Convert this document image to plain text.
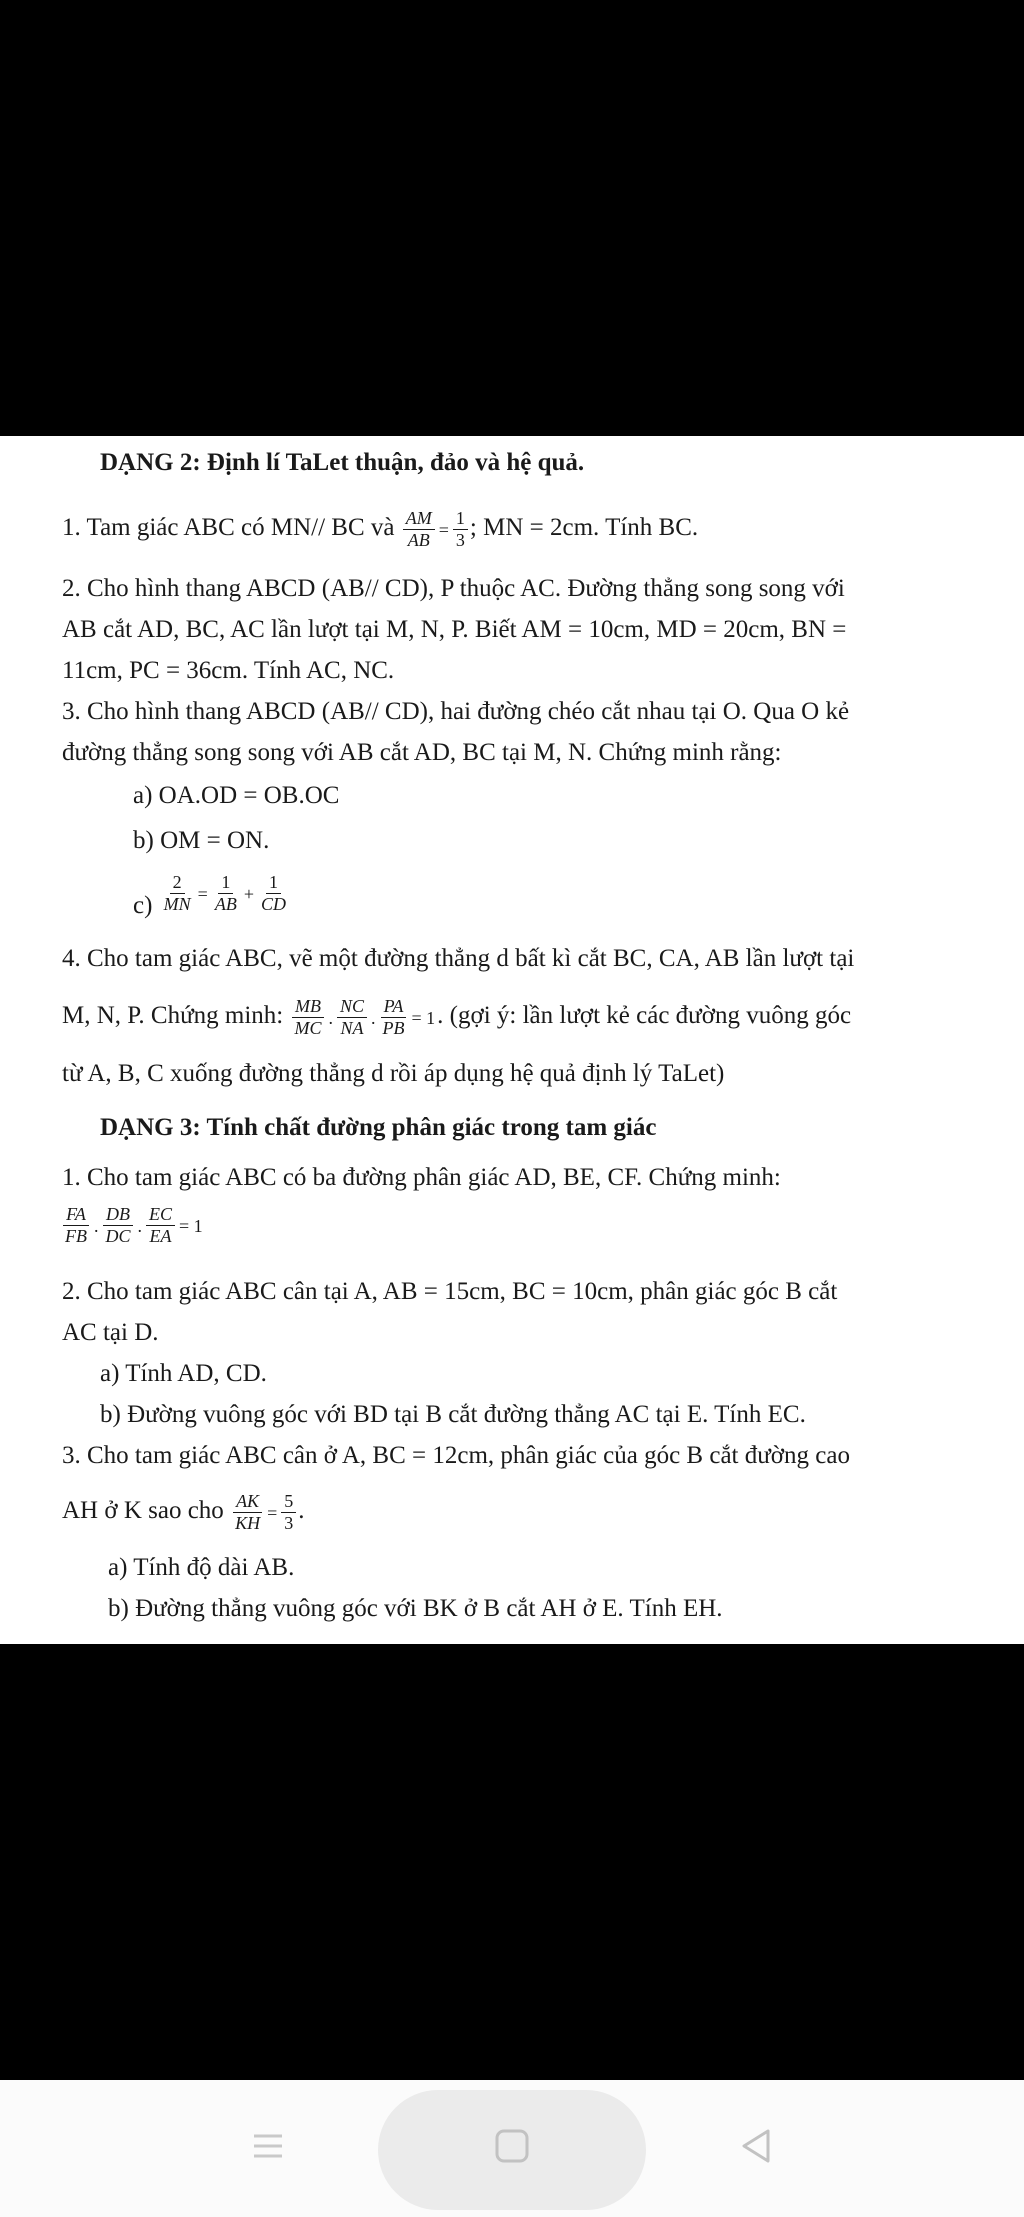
DẠNG 2: Định lí TaLet thuận, đảo và hệ quả.
1. Tam giác ABC có MN// BC và $\frac{AM}{AB} = \frac{1}{3}$ ; MN = 2cm. Tính BC.
2. Cho hình thang ABCD (AB// CD), P thuộc AC. Đường thẳng song song với
AB cắt AD, BC, AC lần lượt tại M, N, P. Biết AM = 10cm, MD = 20cm, BN =
11cm, PC = 36cm. Tính AC, NC.
3. Cho hình thang ABCD (AB// CD), hai đường chéo cắt nhau tại O. Qua O kẻ
đường thẳng song song với AB cắt AD, BC tại M, N. Chứng minh rằng:
a) OA.OD = OB.OC
b) OM = ON.
$c) \frac{2}{MN} = \frac{1}{AB} + \frac{1}{CD}$
4. Cho tam giác ABC, vẽ một đường thẳng d bất kì cắt BC, CA, AB lần lượt tại
M, N, P. Chứng minh: $\frac{MB}{MC}$ . $\frac{NC}{NA}$ . $\frac{PA}{PB} = 1$. (gợi ý: lần lượt kẻ các đường vuông góc
từ A, B, C xuống đường thẳng d rồi áp dụng hệ quả định lý TaLet)
DẠNG 3: Tính chất đường phân giác trong tam giác
1. Cho tam giác ABC có ba đường phân giác AD, BE, CF. Chứng minh:
$\frac{FA}{FB}$ . $\frac{DB}{DC}$ . $\frac{EC}{EA} = 1$
2. Cho tam giác ABC cân tại A, AB = 15cm, BC = 10cm, phân giác góc B cắt
AC tại D.
a) Tính AD, CD.
b) Đường vuông góc với BD tại B cắt đường thẳng AC tại E. Tính EC.
3. Cho tam giác ABC cân ở A, BC = 12cm, phân giác của góc B cắt đường cao
AH ở K sao cho $\frac{AK}{KH} = \frac{5}{3}$ .
a) Tính độ dài AB.
b) Đường thẳng vuông góc với BK ở B cắt AH ở E. Tính EH.
